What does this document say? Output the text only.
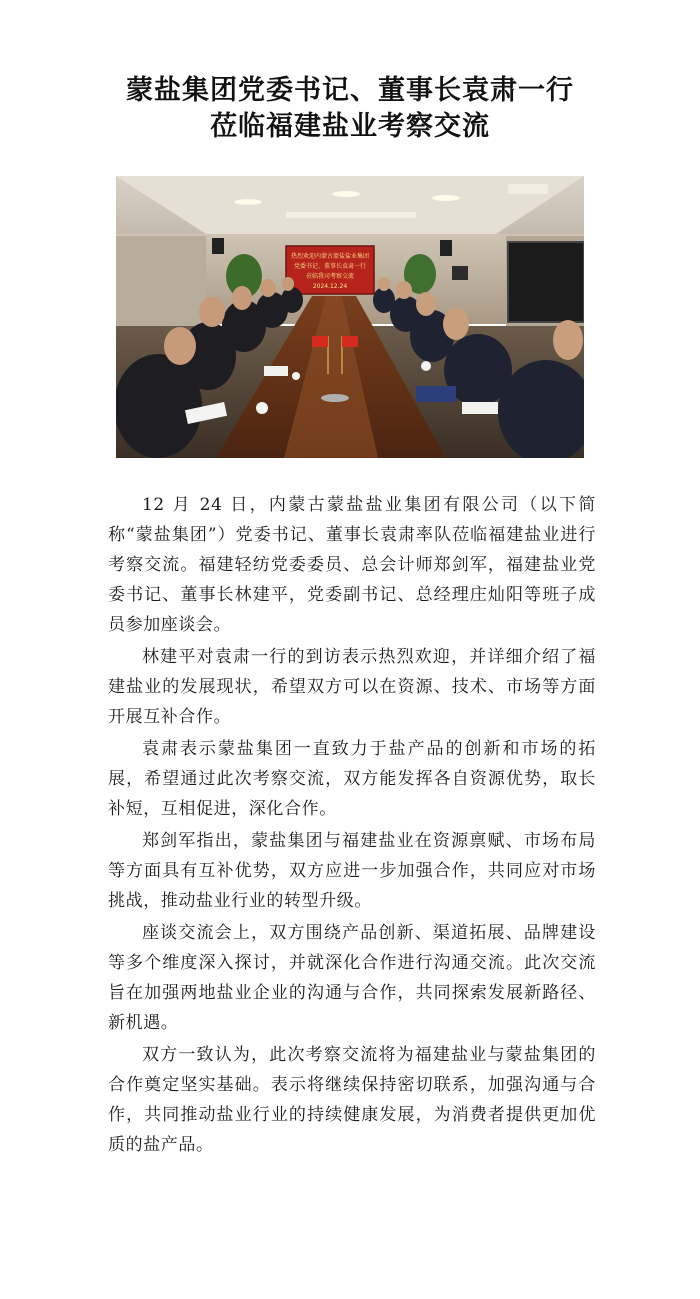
蒙盐集团党委书记、董事长袁肃一行
莅临福建盐业考察交流
热烈欢迎内蒙古蒙盐盐业集团
党委书记、董事长袁肃一行
莅临我司考察交流
2024.12.24

12 月 24 日，内蒙古蒙盐盐业集团有限公司（以下简称“蒙盐集团”）党委书记、董事长袁肃率队莅临福建盐业进行考察交流。福建轻纺党委委员、总会计师郑剑军，福建盐业党委书记、董事长林建平，党委副书记、总经理庄灿阳等班子成员参加座谈会。

林建平对袁肃一行的到访表示热烈欢迎，并详细介绍了福建盐业的发展现状，希望双方可以在资源、技术、市场等方面开展互补合作。

袁肃表示蒙盐集团一直致力于盐产品的创新和市场的拓展，希望通过此次考察交流，双方能发挥各自资源优势，取长补短，互相促进，深化合作。

郑剑军指出，蒙盐集团与福建盐业在资源禀赋、市场布局等方面具有互补优势，双方应进一步加强合作，共同应对市场挑战，推动盐业行业的转型升级。

座谈交流会上，双方围绕产品创新、渠道拓展、品牌建设等多个维度深入探讨，并就深化合作进行沟通交流。此次交流旨在加强两地盐业企业的沟通与合作，共同探索发展新路径、新机遇。

双方一致认为，此次考察交流将为福建盐业与蒙盐集团的合作奠定坚实基础。表示将继续保持密切联系，加强沟通与合作，共同推动盐业行业的持续健康发展，为消费者提供更加优质的盐产品。
